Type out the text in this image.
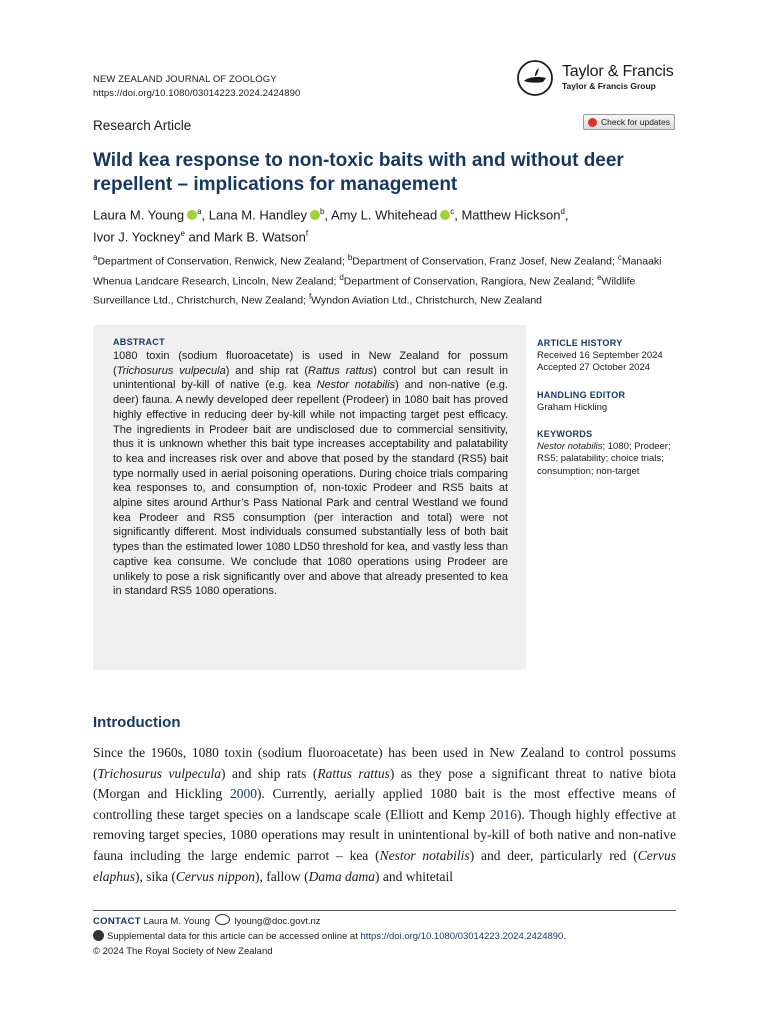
NEW ZEALAND JOURNAL OF ZOOLOGY
https://doi.org/10.1080/03014223.2024.2424890
Taylor & Francis
Taylor & Francis Group
Research Article	Check for updates
Wild kea response to non-toxic baits with and without deer
repellent – implications for management
Laura M. Young $^a$, Lana M. Handley $^b$, Amy L. Whitehead $^c$, Matthew Hickson$^d$,
Ivor J. Yockney$^e$ and Mark B. Watson$^f$
$^a$Department of Conservation, Renwick, New Zealand; $^b$Department of Conservation, Franz Josef, New Zealand; $^c$Manaaki Whenua Landcare Research, Lincoln, New Zealand; $^d$Department of Conservation, Rangiora, New Zealand; $^e$Wildlife Surveillance Ltd., Christchurch, New Zealand; $^f$Wyndon Aviation Ltd., Christchurch, New Zealand
ABSTRACT
1080 toxin (sodium fluoroacetate) is used in New Zealand for possum (Trichosurus vulpecula) and ship rat (Rattus rattus) control but can result in unintentional by-kill of native (e.g. kea Nestor notabilis) and non-native (e.g. deer) fauna. A newly developed deer repellent (Prodeer) in 1080 bait has proved highly effective in reducing deer by-kill while not impacting target pest efficacy. The ingredients in Prodeer bait are undisclosed due to commercial sensitivity, thus it is unknown whether this bait type increases acceptability and palatability to kea and increases risk over and above that posed by the standard (RS5) bait type normally used in aerial poisoning operations. During choice trials comparing kea responses to, and consumption of, non-toxic Prodeer and RS5 baits at alpine sites around Arthur’s Pass National Park and central Westland we found kea Prodeer and RS5 consumption (per interaction and total) were not significantly different. Most individuals consumed substantially less of both bait types than the estimated lower 1080 LD50 threshold for kea, and vastly less than captive kea consume. We conclude that 1080 operations using Prodeer are unlikely to pose a risk significantly over and above that already presented to kea in standard RS5 1080 operations.
ARTICLE HISTORY
Received 16 September 2024
Accepted 27 October 2024
HANDLING EDITOR
Graham Hickling
KEYWORDS
Nestor notabilis; 1080; Prodeer; RS5; palatability; choice trials; consumption; non-target
Introduction
Since the 1960s, 1080 toxin (sodium fluoroacetate) has been used in New Zealand to control possums (Trichosurus vulpecula) and ship rats (Rattus rattus) as they pose a significant threat to native biota (Morgan and Hickling 2000). Currently, aerially applied 1080 bait is the most effective means of controlling these target species on a landscape scale (Elliott and Kemp 2016). Though highly effective at removing target species, 1080 operations may result in unintentional by-kill of both native and non-native fauna including the large endemic parrot – kea (Nestor notabilis) and deer, particularly red (Cervus elaphus), sika (Cervus nippon), fallow (Dama dama) and whitetail
CONTACT Laura M. Young	lyoung@doc.govt.nz
Supplemental data for this article can be accessed online at https://doi.org/10.1080/03014223.2024.2424890.
© 2024 The Royal Society of New Zealand
